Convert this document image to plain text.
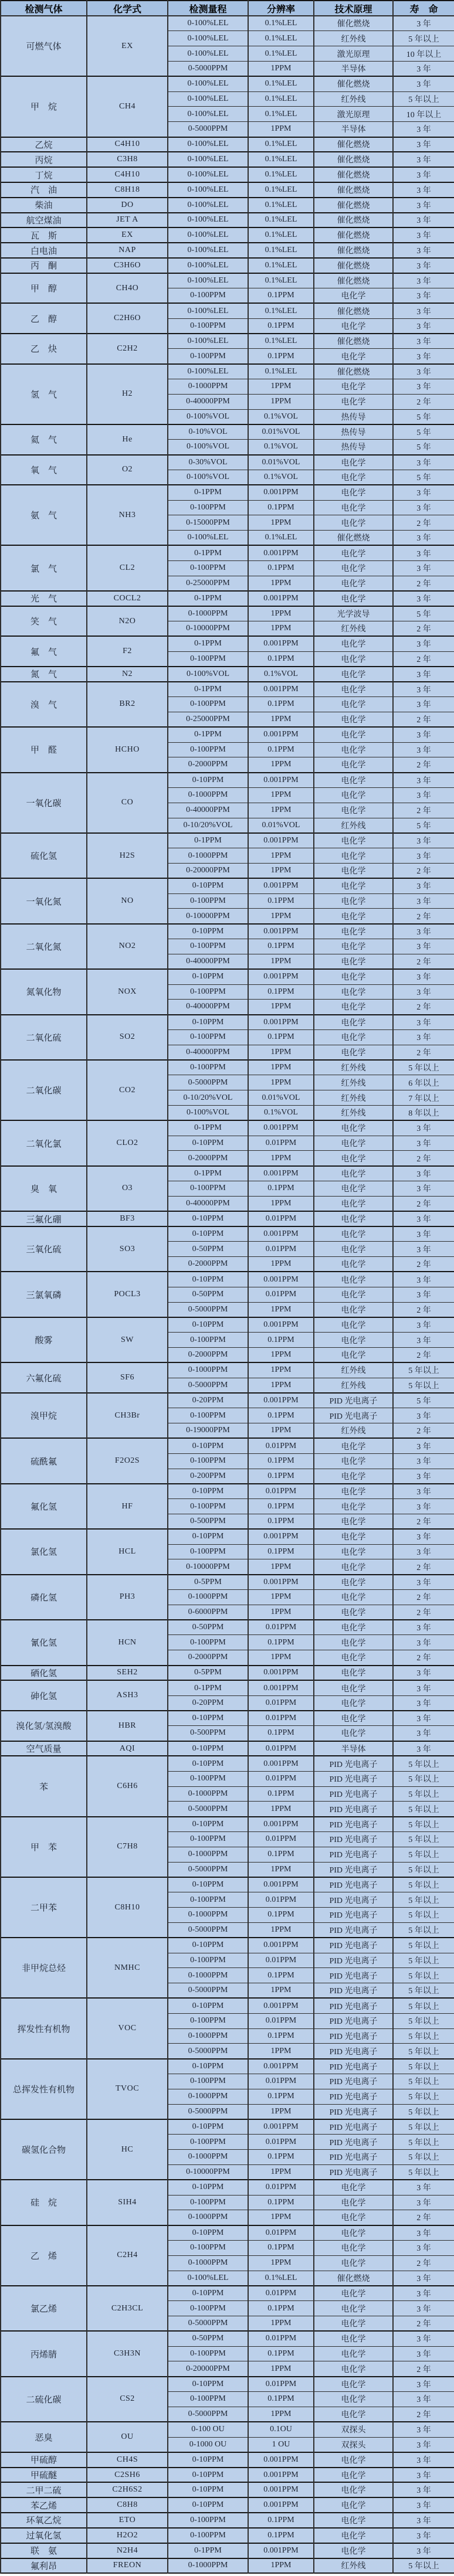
检测气体	化学式	检测量程	分辨率	技术原理	寿　命
可燃气体	EX	0-100%LEL	0.1%LEL	催化燃烧	3 年
		0-100%LEL	0.1%LEL	红外线	5 年以上
		0-100%LEL	0.1%LEL	激光原理	10 年以上
		0-5000PPM	1PPM	半导体	3 年
甲　烷	CH4	0-100%LEL	0.1%LEL	催化燃烧	3 年
		0-100%LEL	0.1%LEL	红外线	5 年以上
		0-100%LEL	0.1%LEL	激光原理	10 年以上
		0-5000PPM	1PPM	半导体	3 年
乙烷	C4H10	0-100%LEL	0.1%LEL	催化燃烧	3 年
丙烷	C3H8	0-100%LEL	0.1%LEL	催化燃烧	3 年
丁烷	C4H10	0-100%LEL	0.1%LEL	催化燃烧	3 年
汽　油	C8H18	0-100%LEL	0.1%LEL	催化燃烧	3 年
柴油	DO	0-100%LEL	0.1%LEL	催化燃烧	3 年
航空煤油	JET A	0-100%LEL	0.1%LEL	催化燃烧	3 年
瓦　斯	EX	0-100%LEL	0.1%LEL	催化燃烧	3 年
白电油	NAP	0-100%LEL	0.1%LEL	催化燃烧	3 年
丙　酮	C3H6O	0-100%LEL	0.1%LEL	催化燃烧	3 年
甲　醇	CH4O	0-100%LEL	0.1%LEL	催化燃烧	3 年
		0-100PPM	0.1PPM	电化学	3 年
乙　醇	C2H6O	0-100%LEL	0.1%LEL	催化燃烧	3 年
		0-100PPM	0.1PPM	电化学	3 年
乙　炔	C2H2	0-100%LEL	0.1%LEL	催化燃烧	3 年
		0-100PPM	0.1PPM	电化学	3 年
氢　气	H2	0-100%LEL	0.1%LEL	催化燃烧	3 年
		0-1000PPM	1PPM	电化学	3 年
		0-40000PPM	1PPM	电化学	2 年
		0-100%VOL	0.1%VOL	热传导	5 年
氦　气	He	0-10%VOL	0.01%VOL	热传导	5 年
		0-100%VOL	0.1%VOL	热传导	5 年
氧　气	O2	0-30%VOL	0.01%VOL	电化学	3 年
		0-100%VOL	0.1%VOL	电化学	5 年
氨　气	NH3	0-1PPM	0.001PPM	电化学	3 年
		0-100PPM	0.1PPM	电化学	3 年
		0-15000PPM	1PPM	电化学	2 年
		0-100%LEL	0.1%LEL	催化燃烧	3 年
氯　气	CL2	0-1PPM	0.001PPM	电化学	3 年
		0-100PPM	0.1PPM	电化学	3 年
		0-25000PPM	1PPM	电化学	2 年
光　气	COCL2	0-1PPM	0.001PPM	电化学	3 年
笑　气	N2O	0-1000PPM	1PPM	光学波导	5 年
		0-10000PPM	1PPM	红外线	2 年
氟　气	F2	0-1PPM	0.001PPM	电化学	3 年
		0-100PPM	0.1PPM	电化学	2 年
氮　气	N2	0-100%VOL	0.1%VOL	电化学	3 年
溴　气	BR2	0-1PPM	0.001PPM	电化学	3 年
		0-100PPM	0.1PPM	电化学	3 年
		0-25000PPM	1PPM	电化学	2 年
甲　醛	HCHO	0-1PPM	0.001PPM	电化学	3 年
		0-100PPM	0.1PPM	电化学	3 年
		0-2000PPM	1PPM	电化学	2 年
一氧化碳	CO	0-10PPM	0.001PPM	电化学	3 年
		0-1000PPM	1PPM	电化学	3 年
		0-40000PPM	1PPM	电化学	2 年
		0-10/20%VOL	0.01%VOL	红外线	5 年
硫化氢	H2S	0-1PPM	0.001PPM	电化学	3 年
		0-1000PPM	1PPM	电化学	3 年
		0-20000PPM	1PPM	电化学	2 年
一氧化氮	NO	0-10PPM	0.001PPM	电化学	3 年
		0-100PPM	0.1PPM	电化学	3 年
		0-10000PPM	1PPM	电化学	2 年
二氧化氮	NO2	0-10PPM	0.001PPM	电化学	3 年
		0-100PPM	0.1PPM	电化学	3 年
		0-40000PPM	1PPM	电化学	2 年
氮氧化物	NOX	0-10PPM	0.001PPM	电化学	3 年
		0-100PPM	0.1PPM	电化学	3 年
		0-40000PPM	1PPM	电化学	2 年
二氧化硫	SO2	0-10PPM	0.001PPM	电化学	3 年
		0-100PPM	0.1PPM	电化学	3 年
		0-40000PPM	1PPM	电化学	2 年
二氧化碳	CO2	0-100PPM	1PPM	红外线	5 年以上
		0-5000PPM	1PPM	红外线	6 年以上
		0-10/20%VOL	0.01%VOL	红外线	7 年以上
		0-100%VOL	0.1%VOL	红外线	8 年以上
二氧化氯	CLO2	0-1PPM	0.001PPM	电化学	3 年
		0-10PPM	0.01PPM	电化学	3 年
		0-2000PPM	1PPM	电化学	2 年
臭　氧	O3	0-1PPM	0.001PPM	电化学	3 年
		0-100PPM	0.1PPM	电化学	3 年
		0-40000PPM	1PPM	电化学	2 年
三氟化硼	BF3	0-10PPM	0.01PPM	电化学	3 年
三氧化硫	SO3	0-10PPM	0.001PPM	电化学	3 年
		0-50PPM	0.01PPM	电化学	3 年
		0-2000PPM	1PPM	电化学	2 年
三氯氧磷	POCL3	0-10PPM	0.001PPM	电化学	3 年
		0-50PPM	0.01PPM	电化学	3 年
		0-5000PPM	1PPM	电化学	2 年
酸雾	SW	0-10PPM	0.001PPM	电化学	3 年
		0-100PPM	0.1PPM	电化学	3 年
		0-2000PPM	1PPM	电化学	2 年
六氟化硫	SF6	0-1000PPM	1PPM	红外线	5 年以上
		0-5000PPM	1PPM	红外线	5 年以上
溴甲烷	CH3Br	0-20PPM	0.001PPM	PID 光电离子	5 年
		0-100PPM	0.1PPM	PID 光电离子	3 年
		0-19000PPM	1PPM	红外线	2 年
硫酰氟	F2O2S	0-10PPM	0.01PPM	电化学	3 年
		0-100PPM	0.1PPM	电化学	3 年
		0-200PPM	0.1PPM	电化学	3 年
氟化氢	HF	0-10PPM	0.01PPM	电化学	3 年
		0-100PPM	0.1PPM	电化学	3 年
		0-500PPM	0.1PPM	电化学	2 年
氯化氢	HCL	0-10PPM	0.001PPM	电化学	3 年
		0-100PPM	0.1PPM	电化学	3 年
		0-10000PPM	1PPM	电化学	2 年
磷化氢	PH3	0-5PPM	0.001PPM	电化学	3 年
		0-1000PPM	1PPM	电化学	2 年
		0-6000PPM	1PPM	电化学	2 年
氰化氢	HCN	0-50PPM	0.01PPM	电化学	3 年
		0-100PPM	0.1PPM	电化学	3 年
		0-2000PPM	1PPM	电化学	2 年
硒化氢	SEH2	0-5PPM	0.001PPM	电化学	3 年
砷化氢	ASH3	0-1PPM	0.001PPM	电化学	3 年
		0-20PPM	0.01PPM	电化学	3 年
溴化氢/氢溴酸	HBR	0-10PPM	0.01PPM	电化学	3 年
		0-500PPM	0.1PPM	电化学	3 年
空气质量	AQI	0-10PPM	0.01PPM	半导体	3 年
苯	C6H6	0-10PPM	0.001PPM	PID 光电离子	5 年以上
		0-100PPM	0.01PPM	PID 光电离子	5 年以上
		0-1000PPM	0.1PPM	PID 光电离子	5 年以上
		0-5000PPM	1PPM	PID 光电离子	5 年以上
甲　苯	C7H8	0-10PPM	0.001PPM	PID 光电离子	5 年以上
		0-100PPM	0.01PPM	PID 光电离子	5 年以上
		0-1000PPM	0.1PPM	PID 光电离子	5 年以上
		0-5000PPM	1PPM	PID 光电离子	5 年以上
二甲苯	C8H10	0-10PPM	0.001PPM	PID 光电离子	5 年以上
		0-100PPM	0.01PPM	PID 光电离子	5 年以上
		0-1000PPM	0.1PPM	PID 光电离子	5 年以上
		0-5000PPM	1PPM	PID 光电离子	5 年以上
非甲烷总烃	NMHC	0-10PPM	0.001PPM	PID 光电离子	5 年以上
		0-100PPM	0.01PPM	PID 光电离子	5 年以上
		0-1000PPM	0.1PPM	PID 光电离子	5 年以上
		0-5000PPM	1PPM	PID 光电离子	5 年以上
挥发性有机物	VOC	0-10PPM	0.001PPM	PID 光电离子	5 年以上
		0-100PPM	0.01PPM	PID 光电离子	5 年以上
		0-1000PPM	0.1PPM	PID 光电离子	5 年以上
		0-5000PPM	1PPM	PID 光电离子	5 年以上
总挥发性有机物	TVOC	0-10PPM	0.001PPM	PID 光电离子	5 年以上
		0-100PPM	0.01PPM	PID 光电离子	5 年以上
		0-1000PPM	0.1PPM	PID 光电离子	5 年以上
		0-5000PPM	1PPM	PID 光电离子	5 年以上
碳氢化合物	HC	0-10PPM	0.001PPM	PID 光电离子	5 年以上
		0-100PPM	0.01PPM	PID 光电离子	5 年以上
		0-1000PPM	0.1PPM	PID 光电离子	5 年以上
		0-10000PPM	1PPM	PID 光电离子	5 年以上
硅　烷	SIH4	0-10PPM	0.01PPM	电化学	3 年
		0-100PPM	0.1PPM	电化学	3 年
		0-1000PPM	1PPM	电化学	2 年
乙　烯	C2H4	0-10PPM	0.01PPM	电化学	3 年
		0-100PPM	0.1PPM	电化学	3 年
		0-1000PPM	1PPM	电化学	2 年
		0-100%LEL	0.1%LEL	催化燃烧	3 年
氯乙烯	C2H3CL	0-10PPM	0.01PPM	电化学	3 年
		0-100PPM	0.1PPM	电化学	3 年
		0-5000PPM	1PPM	电化学	2 年
丙烯腈	C3H3N	0-50PPM	0.01PPM	电化学	3 年
		0-100PPM	0.1PPM	电化学	3 年
		0-20000PPM	1PPM	电化学	2 年
二硫化碳	CS2	0-10PPM	0.01PPM	电化学	3 年
		0-100PPM	0.1PPM	电化学	3 年
		0-5000PPM	1PPM	电化学	2 年
恶臭	OU	0-100 OU	0.1OU	双探头	3 年
		0-1000 OU	1 OU	双探头	3 年
甲硫醇	CH4S	0-10PPM	0.001PPM	电化学	3 年
甲硫醚	C2SH6	0-10PPM	0.001PPM	电化学	3 年
二甲二硫	C2H6S2	0-10PPM	0.001PPM	电化学	3 年
苯乙烯	C8H8	0-10PPM	0.001PPM	电化学	3 年
环氧乙烷	ETO	0-100PPM	0.1PPM	电化学	3 年
过氧化氢	H2O2	0-100PPM	0.1PPM	电化学	3 年
联　氨	N2H4	0-1PPM	0.001PPM	电化学	3 年
氟利昂	FREON	0-1000PPM	1PPM	红外线	5 年以上
